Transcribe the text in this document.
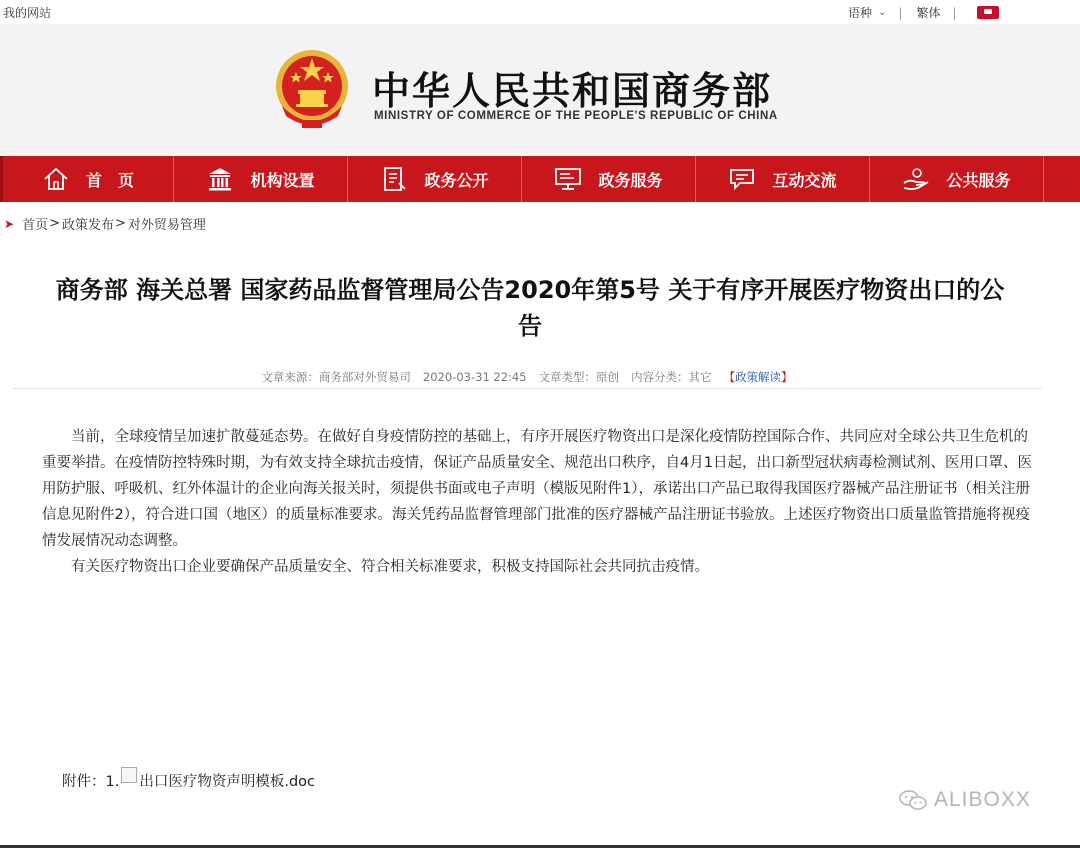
我的网站	语种 ⌄ | 繁体 |
中华人民共和国商务部
MINISTRY OF COMMERCE OF THE PEOPLE'S REPUBLIC OF CHINA
首　页	机构设置	政务公开	政务服务	互动交流	公共服务
➤ 首页 > 政策发布 > 对外贸易管理
商务部 海关总署 国家药品监督管理局公告2020年第5号 关于有序开展医疗物资出口的公
告
文章来源：商务部对外贸易司 2020-03-31 22:45 文章类型：原创 内容分类：其它 【政策解读】

当前，全球疫情呈加速扩散蔓延态势。在做好自身疫情防控的基础上，有序开展医疗物资出口是深化疫情防控国际合作、共同应对全球公共卫生危机的重要举措。在疫情防控特殊时期，为有效支持全球抗击疫情，保证产品质量安全、规范出口秩序，自4月1日起，出口新型冠状病毒检测试剂、医用口罩、医用防护服、呼吸机、红外体温计的企业向海关报关时，须提供书面或电子声明（模版见附件1），承诺出口产品已取得我国医疗器械产品注册证书（相关注册信息见附件2），符合进口国（地区）的质量标准要求。海关凭药品监督管理部门批准的医疗器械产品注册证书验放。上述医疗物资出口质量监管措施将视疫情发展情况动态调整。

有关医疗物资出口企业要确保产品质量安全、符合相关标准要求，积极支持国际社会共同抗击疫情。

附件：1. 出口医疗物资声明模板.doc
ALIBOXX
